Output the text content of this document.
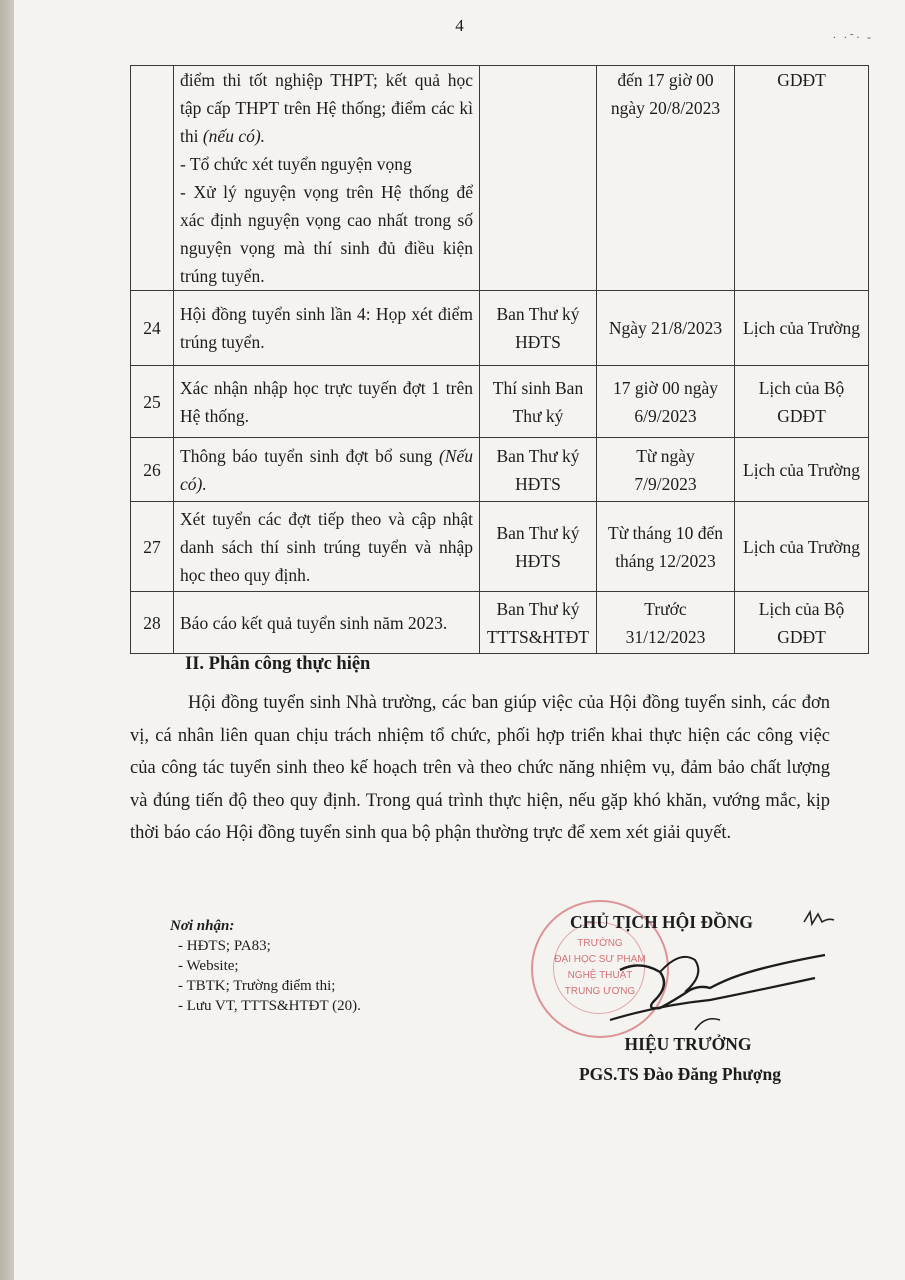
4
· ·ᐨ· -
	điểm thi tốt nghiệp THPT; kết quả học tập cấp THPT trên Hệ thống; điểm các kì thi (nếu có).
- Tổ chức xét tuyển nguyện vọng
- Xử lý nguyện vọng trên Hệ thống để xác định nguyện vọng cao nhất trong số nguyện vọng mà thí sinh đủ điều kiện trúng tuyển.		đến 17 giờ 00 ngày 20/8/2023	GDĐT
24	Hội đồng tuyển sinh lần 4: Họp xét điểm trúng tuyển.	Ban Thư ký HĐTS	Ngày 21/8/2023	Lịch của Trường
25	Xác nhận nhập học trực tuyến đợt 1 trên Hệ thống.	Thí sinh Ban Thư ký	17 giờ 00 ngày 6/9/2023	Lịch của Bộ GDĐT
26	Thông báo tuyển sinh đợt bổ sung (Nếu có).	Ban Thư ký HĐTS	Từ ngày 7/9/2023	Lịch của Trường
27	Xét tuyển các đợt tiếp theo và cập nhật danh sách thí sinh trúng tuyển và nhập học theo quy định.	Ban Thư ký HĐTS	Từ tháng 10 đến tháng 12/2023	Lịch của Trường
28	Báo cáo kết quả tuyển sinh năm 2023.	Ban Thư ký TTTS&HTĐT	Trước 31/12/2023	Lịch của Bộ GDĐT
II. Phân công thực hiện
Hội đồng tuyển sinh Nhà trường, các ban giúp việc của Hội đồng tuyển sinh, các đơn vị, cá nhân liên quan chịu trách nhiệm tổ chức, phối hợp triển khai thực hiện các công việc của công tác tuyển sinh theo kế hoạch trên và theo chức năng nhiệm vụ, đảm bảo chất lượng và đúng tiến độ theo quy định. Trong quá trình thực hiện, nếu gặp khó khăn, vướng mắc, kịp thời báo cáo Hội đồng tuyển sinh qua bộ phận thường trực để xem xét giải quyết.
Nơi nhận:
- HĐTS; PA83;
- Website;
- TBTK; Trường điểm thi;
- Lưu VT, TTTS&HTĐT (20).
TRƯỜNG
ĐẠI HỌC SƯ PHẠM
NGHỆ THUẬT
TRUNG ƯƠNG
CHỦ TỊCH HỘI ĐỒNG
HIỆU TRƯỞNG
PGS.TS Đào Đăng Phượng
